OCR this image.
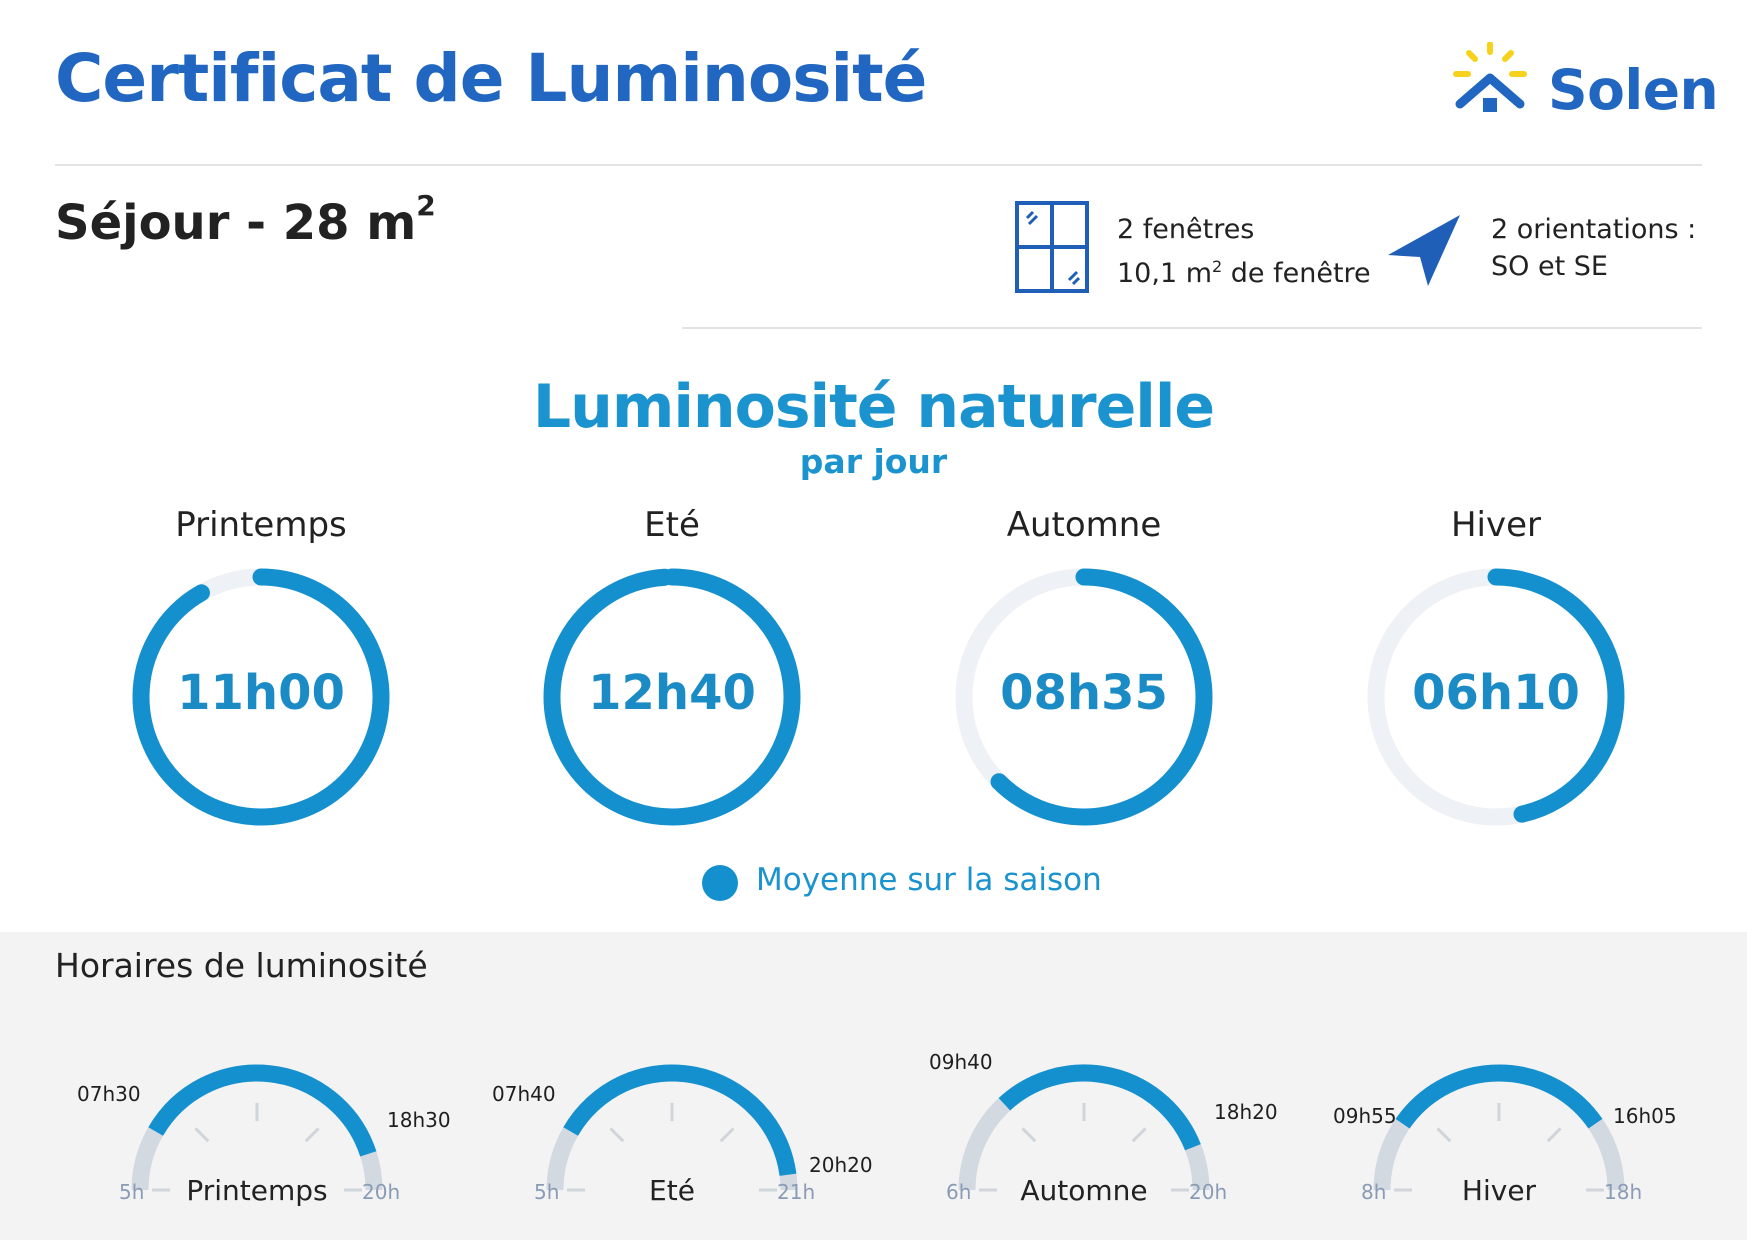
Certificat de Luminosité	Solen
Séjour - 28 $m^2$
2 fenêtres
10,1 $m^2$ de fenêtre
2 orientations :
SO et SE
Luminosité naturelle
par jour
Printemps
11h00
Eté
12h40
Automne
08h35
Hiver
06h10
Moyenne sur la saison
Horaires de luminosité
07h30
18h30
5h	20h
Printemps
07h40
20h20
5h	21h
Eté
09h40
18h20
6h	20h
Automne
09h55	16h05
8h	18h
Hiver
